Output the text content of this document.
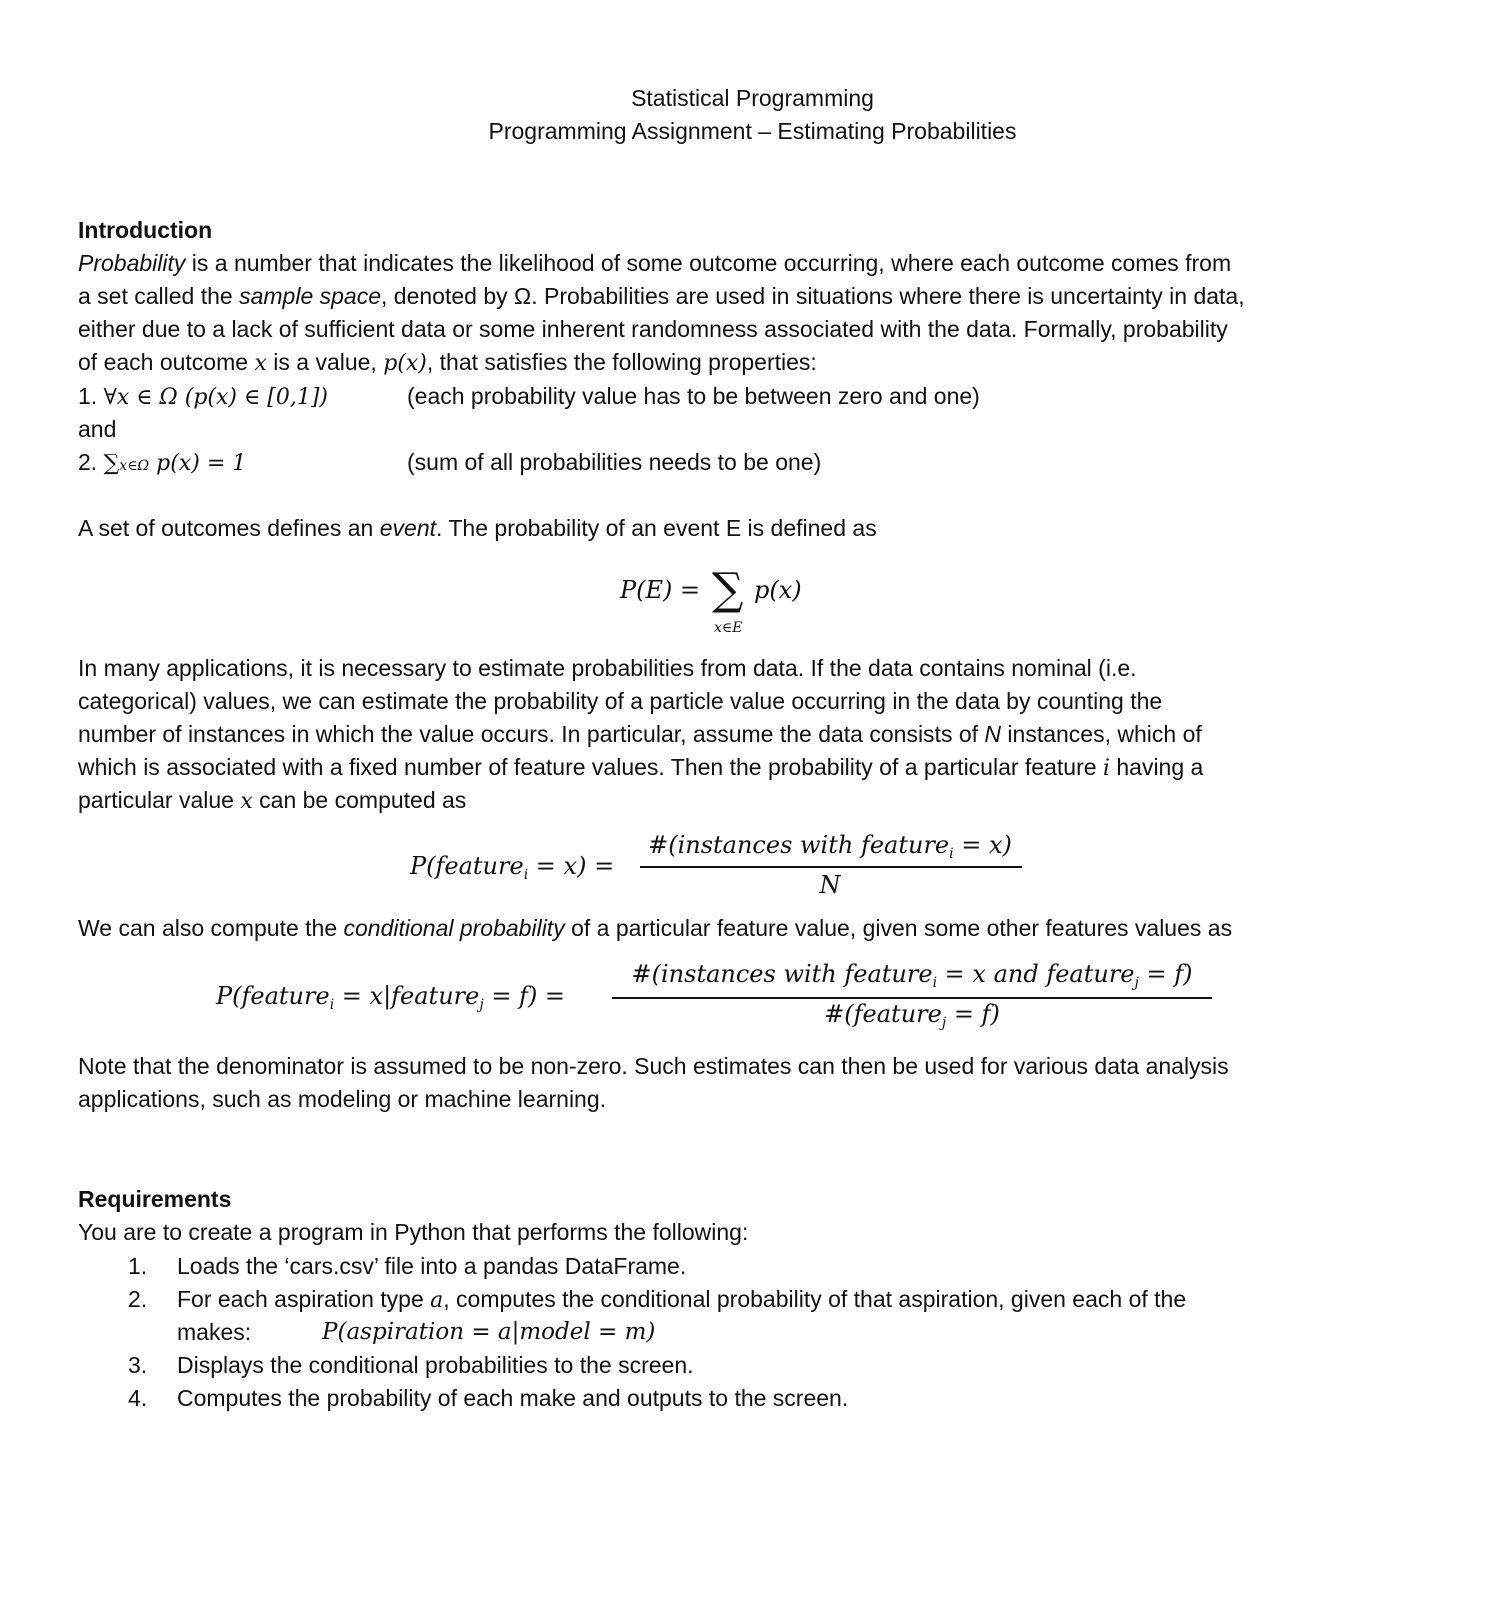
Statistical Programming
Programming Assignment – Estimating Probabilities
Introduction
Probability is a number that indicates the likelihood of some outcome occurring, where each outcome comes from
a set called the sample space, denoted by Ω. Probabilities are used in situations where there is uncertainty in data,
either due to a lack of sufficient data or some inherent randomness associated with the data. Formally, probability
of each outcome x is a value, p(x), that satisfies the following properties:
1. ∀x ∈ Ω (p(x) ∈ [0,1])	(each probability value has to be between zero and one)
and
2. ∑x∈Ω p(x) = 1	(sum of all probabilities needs to be one)
A set of outcomes defines an event. The probability of an event E is defined as
P(E) = ∑
x∈E
p(x)
In many applications, it is necessary to estimate probabilities from data. If the data contains nominal (i.e.
categorical) values, we can estimate the probability of a particle value occurring in the data by counting the
number of instances in which the value occurs. In particular, assume the data consists of N instances, which of
which is associated with a fixed number of feature values. Then the probability of a particular feature i having a
particular value x can be computed as
P(feature$_i$ = x) =
#(instances with feature$_i$ = x)
N
We can also compute the conditional probability of a particular feature value, given some other features values as
P(feature$_i$ = x|feature$_j$ = f) =
#(instances with feature$_i$ = x and feature$_j$ = f)
#(feature$_j$ = f)
Note that the denominator is assumed to be non-zero. Such estimates can then be used for various data analysis
applications, such as modeling or machine learning.
Requirements
You are to create a program in Python that performs the following:
1. Loads the ‘cars.csv’ file into a pandas DataFrame.
2. For each aspiration type a, computes the conditional probability of that aspiration, given each of the
makes:	P(aspiration = a|model = m)
3. Displays the conditional probabilities to the screen.
4. Computes the probability of each make and outputs to the screen.
